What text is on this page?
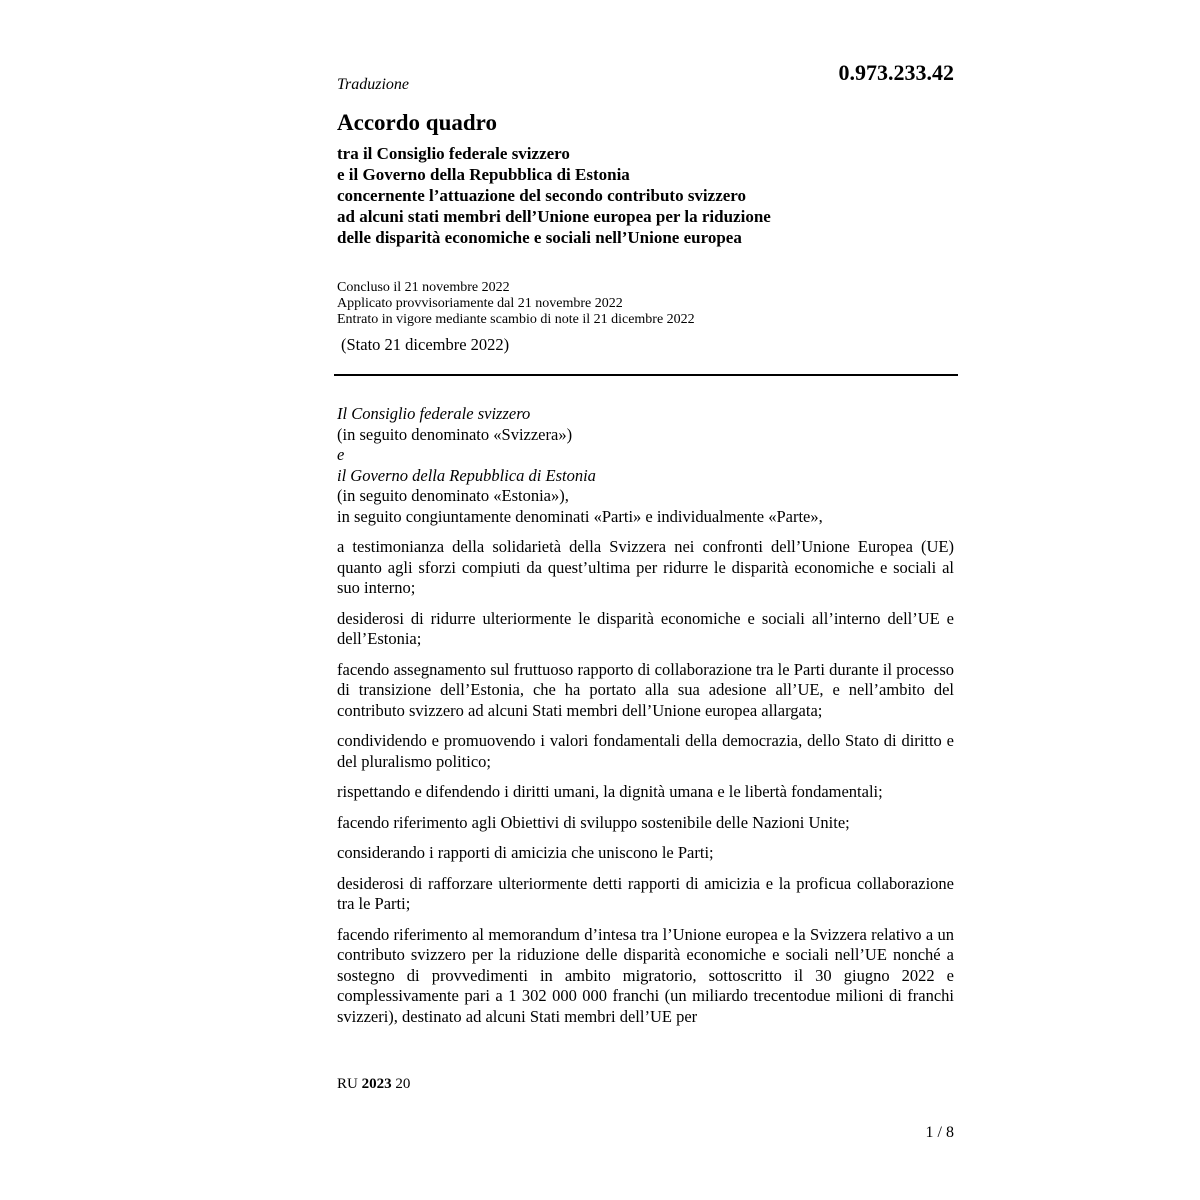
0.973.233.42
Traduzione
Accordo quadro
tra il Consiglio federale svizzero
e il Governo della Repubblica di Estonia
concernente l’attuazione del secondo contributo svizzero
ad alcuni stati membri dell’Unione europea per la riduzione
delle disparità economiche e sociali nell’Unione europea
Concluso il 21 novembre 2022
Applicato provvisoriamente dal 21 novembre 2022
Entrato in vigore mediante scambio di note il 21 dicembre 2022
(Stato 21 dicembre 2022)
Il Consiglio federale svizzero
(in seguito denominato «Svizzera»)
e
il Governo della Repubblica di Estonia
(in seguito denominato «Estonia»),
in seguito congiuntamente denominati «Parti» e individualmente «Parte»,

a testimonianza della solidarietà della Svizzera nei confronti dell’Unione Europea (UE) quanto agli sforzi compiuti da quest’ultima per ridurre le disparità economiche e sociali al suo interno;

desiderosi di ridurre ulteriormente le disparità economiche e sociali all’interno dell’UE e dell’Estonia;

facendo assegnamento sul fruttuoso rapporto di collaborazione tra le Parti durante il processo di transizione dell’Estonia, che ha portato alla sua adesione all’UE, e nell’ambito del contributo svizzero ad alcuni Stati membri dell’Unione europea allargata;

condividendo e promuovendo i valori fondamentali della democrazia, dello Stato di diritto e del pluralismo politico;

rispettando e difendendo i diritti umani, la dignità umana e le libertà fondamentali;

facendo riferimento agli Obiettivi di sviluppo sostenibile delle Nazioni Unite;

considerando i rapporti di amicizia che uniscono le Parti;

desiderosi di rafforzare ulteriormente detti rapporti di amicizia e la proficua collaborazione tra le Parti;

facendo riferimento al memorandum d’intesa tra l’Unione europea e la Svizzera relativo a un contributo svizzero per la riduzione delle disparità economiche e sociali nell’UE nonché a sostegno di provvedimenti in ambito migratorio, sottoscritto il 30 giugno 2022 e complessivamente pari a 1 302 000 000 franchi (un miliardo trecentodue milioni di franchi svizzeri), destinato ad alcuni Stati membri dell’UE per

RU 2023 20
1 / 8
